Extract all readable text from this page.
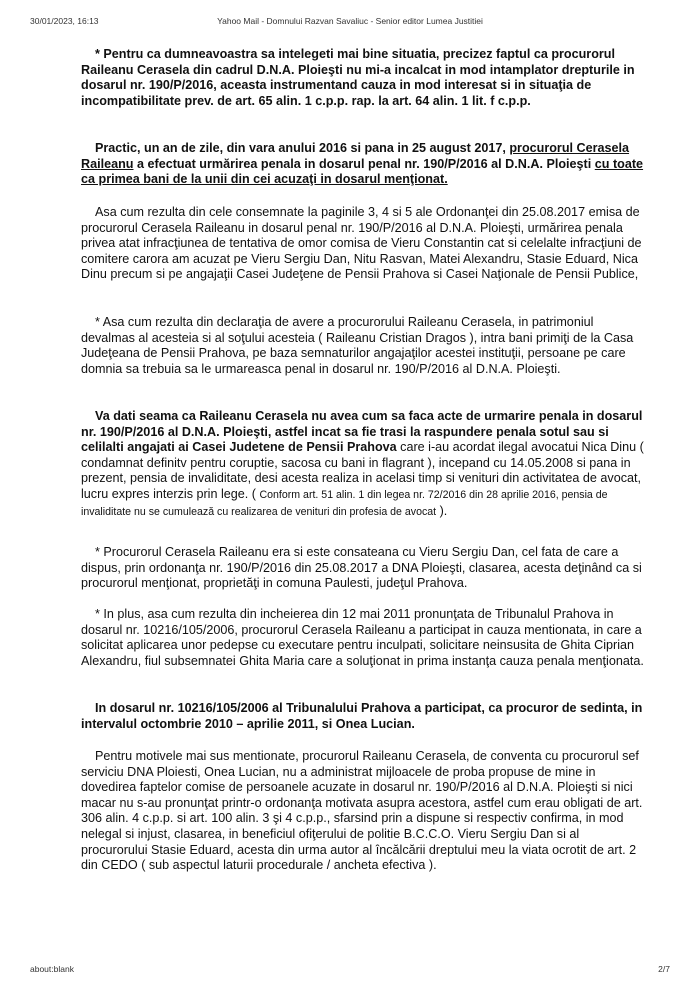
30/01/2023, 16:13	Yahoo Mail - Domnului Razvan Savaliuc - Senior editor Lumea Justitiei

* Pentru ca dumneavoastra sa intelegeti mai bine situatia, precizez faptul ca procurorul Raileanu Cerasela din cadrul D.N.A. Ploieşti nu mi-a incalcat in mod intamplator drepturile in dosarul nr. 190/P/2016, aceasta instrumentand cauza in mod interesat si in situaţia de incompatibilitate prev. de art. 65 alin. 1 c.p.p. rap. la art. 64 alin. 1 lit. f c.p.p.

Practic, un an de zile, din vara anului 2016 si pana in 25 august 2017, procurorul Cerasela Raileanu a efectuat urmărirea penala in dosarul penal nr. 190/P/2016 al D.N.A. Ploieşti cu toate ca primea bani de la unii din cei acuzaţi in dosarul menţionat.

Asa cum rezulta din cele consemnate la paginile 3, 4 si 5 ale Ordonanţei din 25.08.2017 emisa de procurorul Cerasela Raileanu in dosarul penal nr. 190/P/2016 al D.N.A. Ploieşti, urmărirea penala privea atat infracţiunea de tentativa de omor comisa de Vieru Constantin cat si celelalte infracţiuni de comitere carora am acuzat pe Vieru Sergiu Dan, Nitu Rasvan, Matei Alexandru, Stasie Eduard, Nica Dinu precum si pe angajaţii Casei Judeţene de Pensii Prahova si Casei Naţionale de Pensii Publice,

* Asa cum rezulta din declaraţia de avere a procurorului Raileanu Cerasela, in patrimoniul devalmas al acesteia si al soţului acesteia ( Raileanu Cristian Dragos ), intra bani primiţi de la Casa Judeţeana de Pensii Prahova, pe baza semnaturilor angajaţilor acestei instituţii, persoane pe care domnia sa trebuia sa le urmareasca penal in dosarul nr. 190/P/2016 al D.N.A. Ploieşti.

Va dati seama ca Raileanu Cerasela nu avea cum sa faca acte de urmarire penala in dosarul nr. 190/P/2016 al D.N.A. Ploieşti, astfel incat sa fie trasi la raspundere penala sotul sau si celilalti angajati ai Casei Judetene de Pensii Prahova care i-au acordat ilegal avocatui Nica Dinu ( condamnat definitv pentru coruptie, sacosa cu bani in flagrant ), incepand cu 14.05.2008 si pana in prezent, pensia de invaliditate, desi acesta realiza in acelasi timp si venituri din activitatea de avocat, lucru expres interzis prin lege. ( Conform art. 51 alin. 1 din legea nr. 72/2016 din 28 aprilie 2016, pensia de invaliditate nu se cumulează cu realizarea de venituri din profesia de avocat ).

* Procurorul Cerasela Raileanu era si este consateana cu Vieru Sergiu Dan, cel fata de care a dispus, prin ordonanţa nr. 190/P/2016 din 25.08.2017 a DNA Ploieşti, clasarea, acesta deţinând ca si procurorul menţionat, proprietăţi in comuna Paulesti, judeţul Prahova.

* In plus, asa cum rezulta din incheierea din 12 mai 2011 pronunţata de Tribunalul Prahova in dosarul nr. 10216/105/2006, procurorul Cerasela Raileanu a participat in cauza mentionata, in care a solicitat aplicarea unor pedepse cu executare pentru inculpati, solicitare neinsusita de Ghita Ciprian Alexandru, fiul subsemnatei Ghita Maria care a soluţionat in prima instanţa cauza penala menţionata.

In dosarul nr. 10216/105/2006 al Tribunalului Prahova a participat, ca procuror de sedinta, in intervalul octombrie 2010 – aprilie 2011, si Onea Lucian.

Pentru motivele mai sus mentionate, procurorul Raileanu Cerasela, de conventa cu procurorul sef serviciu DNA Ploiesti, Onea Lucian, nu a administrat mijloacele de proba propuse de mine in dovedirea faptelor comise de persoanele acuzate in dosarul nr. 190/P/2016 al D.N.A. Ploieşti si nici macar nu s-au pronunţat printr-o ordonanţa motivata asupra acestora, astfel cum erau obligati de art. 306 alin. 4 c.p.p. si art. 100 alin. 3 şi 4 c.p.p., sfarsind prin a dispune si respectiv confirma, in mod nelegal si injust, clasarea, in beneficiul ofiţerului de politie B.C.C.O. Vieru Sergiu Dan si al procurorului Stasie Eduard, acesta din urma autor al încălcării dreptului meu la viata ocrotit de art. 2 din CEDO ( sub aspectul laturii procedurale / ancheta efectiva ).

about:blank	2/7
